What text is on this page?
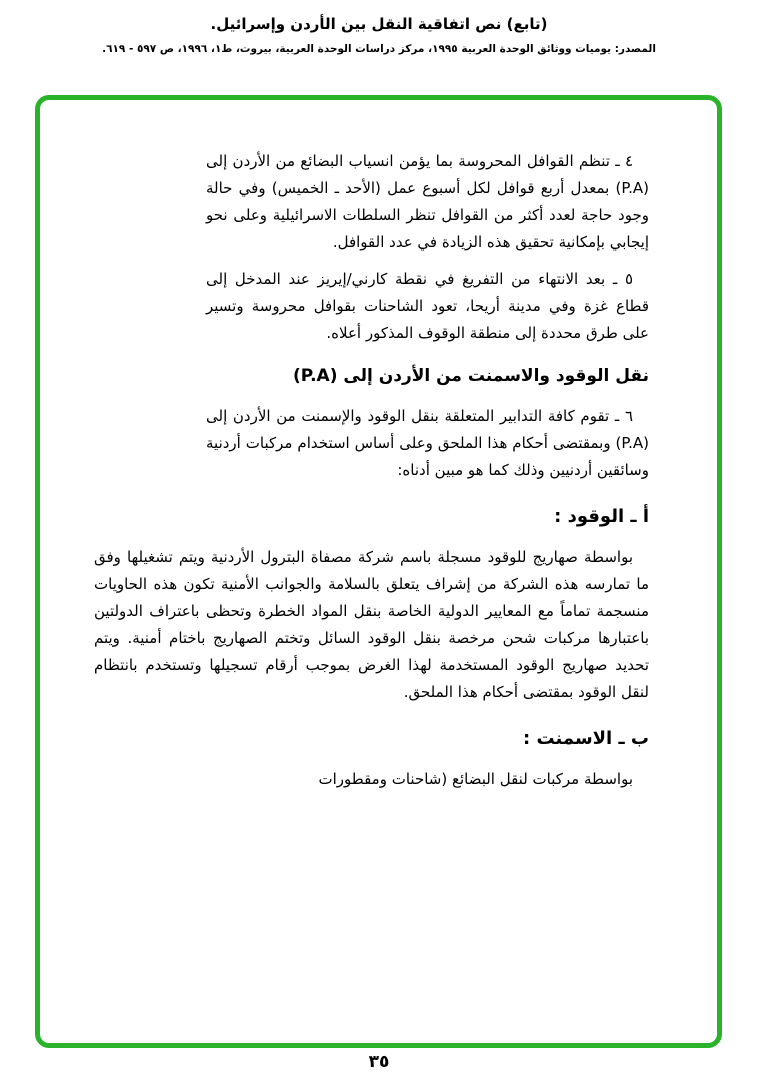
(تابع) نص اتفاقية النقل بين الأردن وإسرائيل.
المصدر: يوميات ووثائق الوحدة العربية ١٩٩٥، مركز دراسات الوحدة العربية، بيروت، ط١، ١٩٩٦، ص ٥٩٧ - ٦١٩.

٤ ـ تنظم القوافل المحروسة بما يؤمن انسياب البضائع من الأردن إلى (P.A) بمعدل أربع قوافل لكل أسبوع عمل (الأحد ـ الخميس) وفي حالة وجود حاجة لعدد أكثر من القوافل تنظر السلطات الاسرائيلية وعلى نحو إيجابي بإمكانية تحقيق هذه الزيادة في عدد القوافل.

٥ ـ بعد الانتهاء من التفريغ في نقطة كارني/إيريز عند المدخل إلى قطاع غزة وفي مدينة أريحا، تعود الشاحنات بقوافل محروسة وتسير على طرق محددة إلى منطقة الوقوف المذكور أعلاه.

نقل الوقود والاسمنت من الأردن إلى (P.A)

٦ ـ تقوم كافة التدابير المتعلقة بنقل الوقود والإسمنت من الأردن إلى (P.A) وبمقتضى أحكام هذا الملحق وعلى أساس استخدام مركبات أردنية وسائقين أردنيين وذلك كما هو مبين أدناه:

أ ـ الوقود :

بواسطة صهاريج للوقود مسجلة باسم شركة مصفاة البترول الأردنية ويتم تشغيلها وفق ما تمارسه هذه الشركة من إشراف يتعلق بالسلامة والجوانب الأمنية تكون هذه الحاويات منسجمة تماماً مع المعايير الدولية الخاصة بنقل المواد الخطرة وتحظى باعتراف الدولتين باعتبارها مركبات شحن مرخصة بنقل الوقود السائل وتختم الصهاريج باختام أمنية. ويتم تحديد صهاريج الوقود المستخدمة لهذا الغرض بموجب أرقام تسجيلها وتستخدم بانتظام لنقل الوقود بمقتضى أحكام هذا الملحق.

ب ـ الاسمنت :

بواسطة مركبات لنقل البضائع (شاحنات ومقطورات

٣٥
